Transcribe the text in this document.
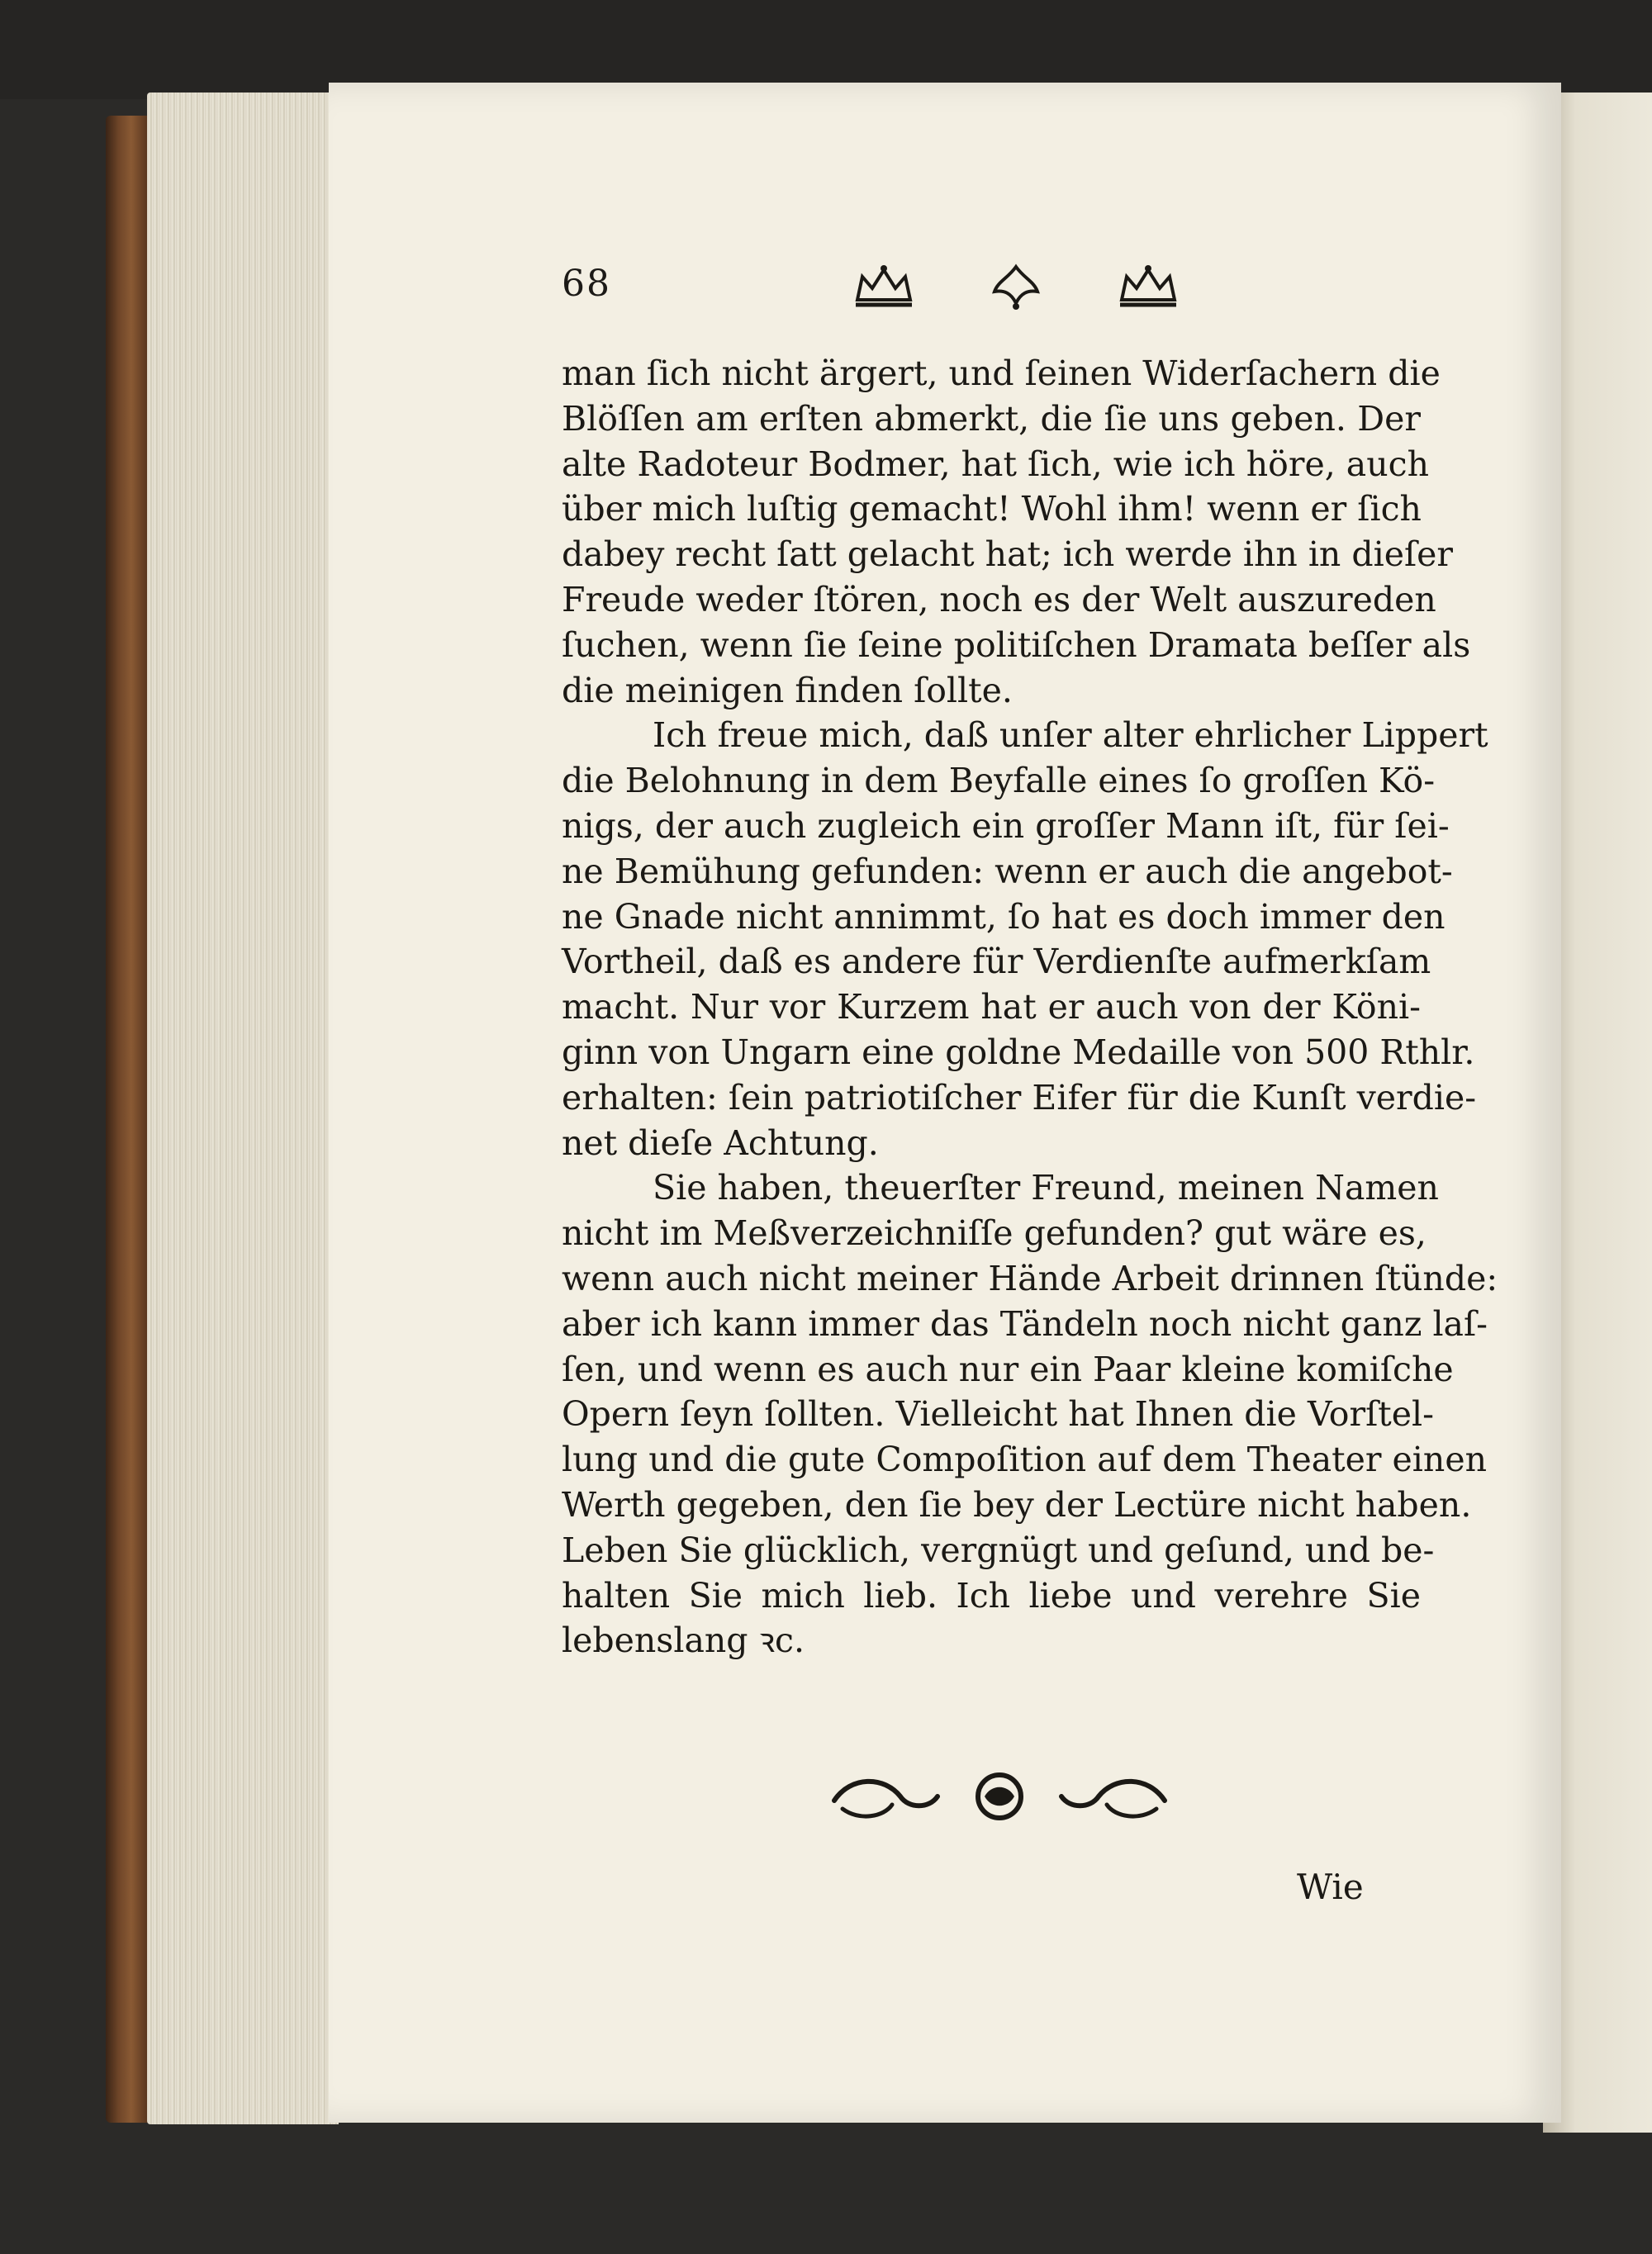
68
man ſich nicht ärgert, und ſeinen Widerſachern die
Blöſſen am erſten abmerkt, die ſie uns geben. Der
alte Radoteur Bodmer, hat ſich, wie ich höre, auch
über mich luſtig gemacht! Wohl ihm! wenn er ſich
dabey recht ſatt gelacht hat; ich werde ihn in dieſer
Freude weder ſtören, noch es der Welt auszureden
ſuchen, wenn ſie ſeine politiſchen Dramata beſſer als
die meinigen finden ſollte.
Ich freue mich, daß unſer alter ehrlicher Lippert
die Belohnung in dem Beyfalle eines ſo groſſen Kö-
nigs, der auch zugleich ein groſſer Mann iſt, für ſei-
ne Bemühung gefunden: wenn er auch die angebot-
ne Gnade nicht annimmt, ſo hat es doch immer den
Vortheil, daß es andere für Verdienſte aufmerkſam
macht. Nur vor Kurzem hat er auch von der Köni-
ginn von Ungarn eine goldne Medaille von 500 Rthlr.
erhalten: ſein patriotiſcher Eifer für die Kunſt verdie-
net dieſe Achtung.
Sie haben, theuerſter Freund, meinen Namen
nicht im Meßverzeichniſſe gefunden? gut wäre es,
wenn auch nicht meiner Hände Arbeit drinnen ſtünde:
aber ich kann immer das Tändeln noch nicht ganz laſ-
ſen, und wenn es auch nur ein Paar kleine komiſche
Opern ſeyn ſollten. Vielleicht hat Ihnen die Vorſtel-
lung und die gute Compoſition auf dem Theater einen
Werth gegeben, den ſie bey der Lectüre nicht haben.
Leben Sie glücklich, vergnügt und geſund, und be-
halten Sie mich lieb. Ich liebe und verehre Sie
lebenslang ꝛc.
Wie
